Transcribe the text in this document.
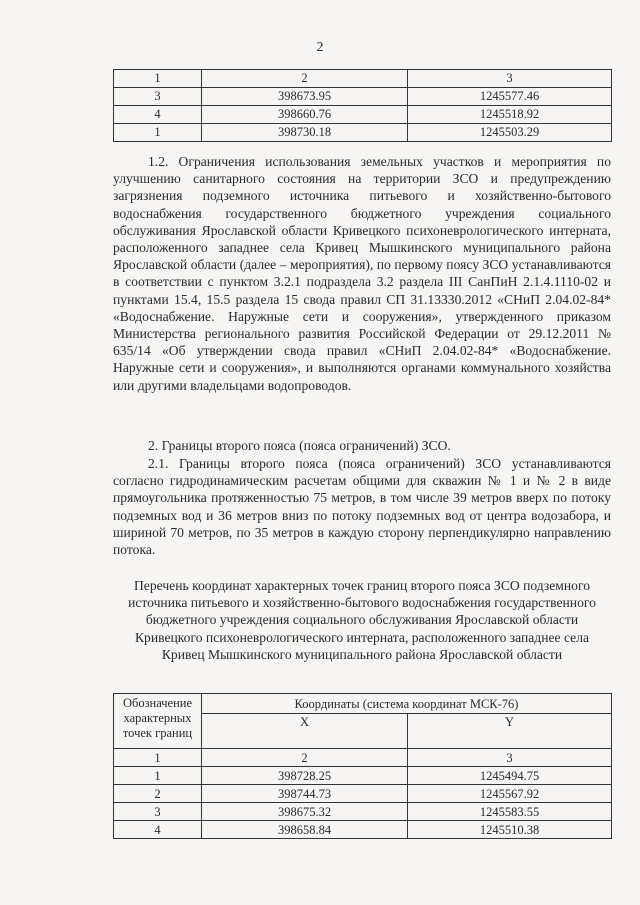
2
1	2	3
3	398673.95	1245577.46
4	398660.76	1245518.92
1	398730.18	1245503.29

1.2. Ограничения использования земельных участков и мероприятия по улучшению санитарного состояния на территории ЗСО и предупреждению загрязнения подземного источника питьевого и хозяйственно-бытового водоснабжения государственного бюджетного учреждения социального обслуживания Ярославской области Кривецкого психоневрологического интерната, расположенного западнее села Кривец Мышкинского муниципального района Ярославской области (далее – мероприятия), по первому поясу ЗСО устанавливаются в соответствии с пунктом 3.2.1 подраздела 3.2 раздела III СанПиН 2.1.4.1110-02 и пунктами 15.4, 15.5 раздела 15 свода правил СП 31.13330.2012 «СНиП 2.04.02-84* «Водоснабжение. Наружные сети и сооружения», утвержденного приказом Министерства регионального развития Российской Федерации от 29.12.2011 № 635/14 «Об утверждении свода правил «СНиП 2.04.02-84* «Водоснабжение. Наружные сети и сооружения», и выполняются органами коммунального хозяйства или другими владельцами водопроводов.

2. Границы второго пояса (пояса ограничений) ЗСО.

2.1. Границы второго пояса (пояса ограничений) ЗСО устанавливаются согласно гидродинамическим расчетам общими для скважин № 1 и № 2 в виде прямоугольника протяженностью 75 метров, в том числе 39 метров вверх по потоку подземных вод и 36 метров вниз по потоку подземных вод от центра водозабора, и шириной 70 метров, по 35 метров в каждую сторону перпендикулярно направлению потока.

Перечень координат характерных точек границ второго пояса ЗСО подземного источника питьевого и хозяйственно-бытового водоснабжения государственного бюджетного учреждения социального обслуживания Ярославской области Кривецкого психоневрологического интерната, расположенного западнее села Кривец Мышкинского муниципального района Ярославской области
Обозначение характерных точек границ	Координаты (система координат МСК-76)	
	X	Y
1	2	3
1	398728.25	1245494.75
2	398744.73	1245567.92
3	398675.32	1245583.55
4	398658.84	1245510.38
